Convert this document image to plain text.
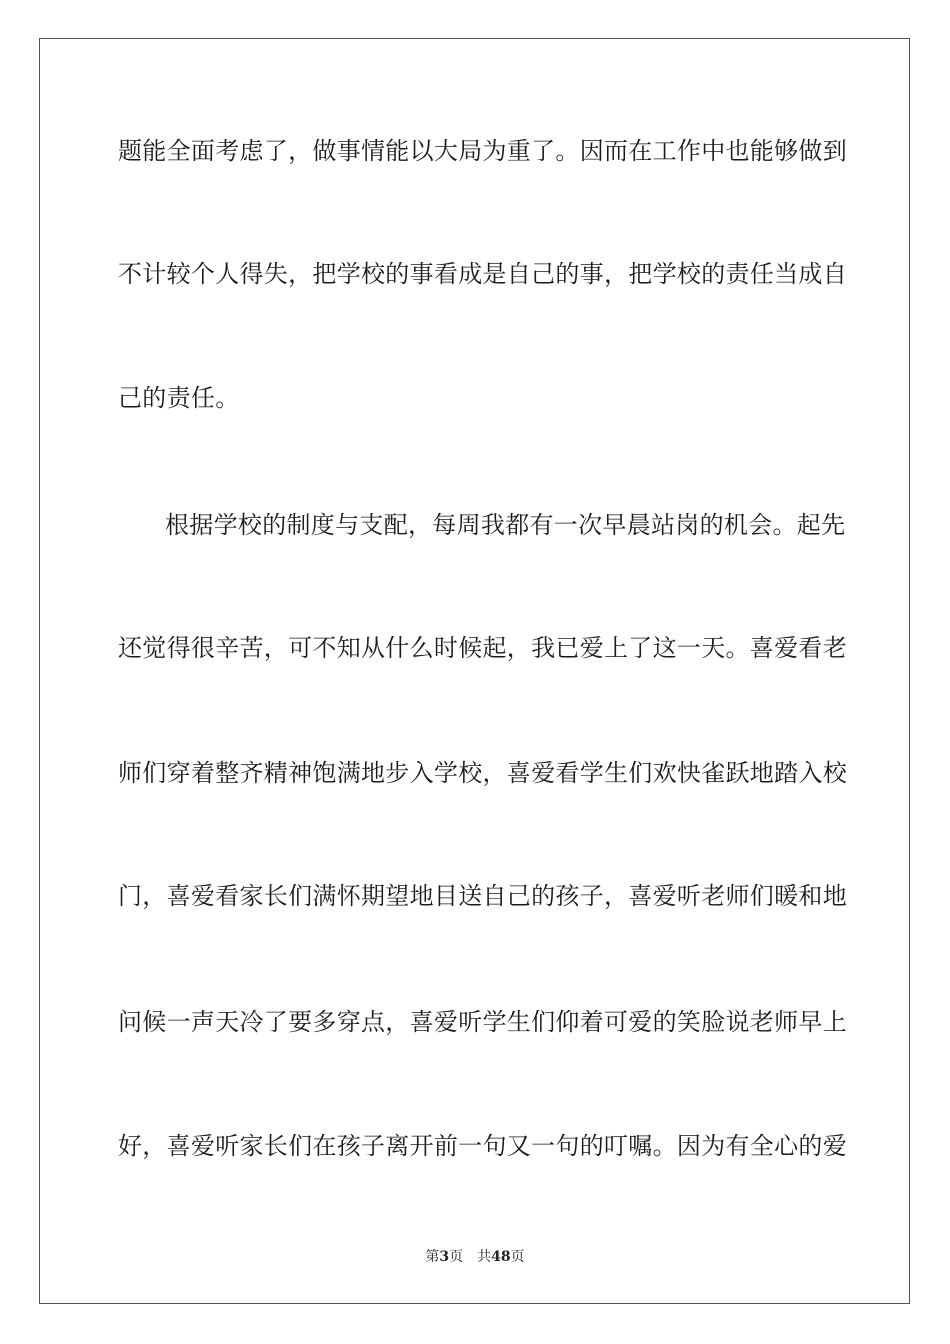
题能全面考虑了，做事情能以大局为重了。因而在工作中也能够做到
不计较个人得失，把学校的事看成是自己的事，把学校的责任当成自
己的责任。
根据学校的制度与支配，每周我都有一次早晨站岗的机会。起先
还觉得很辛苦，可不知从什么时候起，我已爱上了这一天。喜爱看老
师们穿着整齐精神饱满地步入学校，喜爱看学生们欢快雀跃地踏入校
门，喜爱看家长们满怀期望地目送自己的孩子，喜爱听老师们暖和地
问候一声天冷了要多穿点，喜爱听学生们仰着可爱的笑脸说老师早上
好，喜爱听家长们在孩子离开前一句又一句的叮嘱。因为有全心的爱
第3页 共48页
